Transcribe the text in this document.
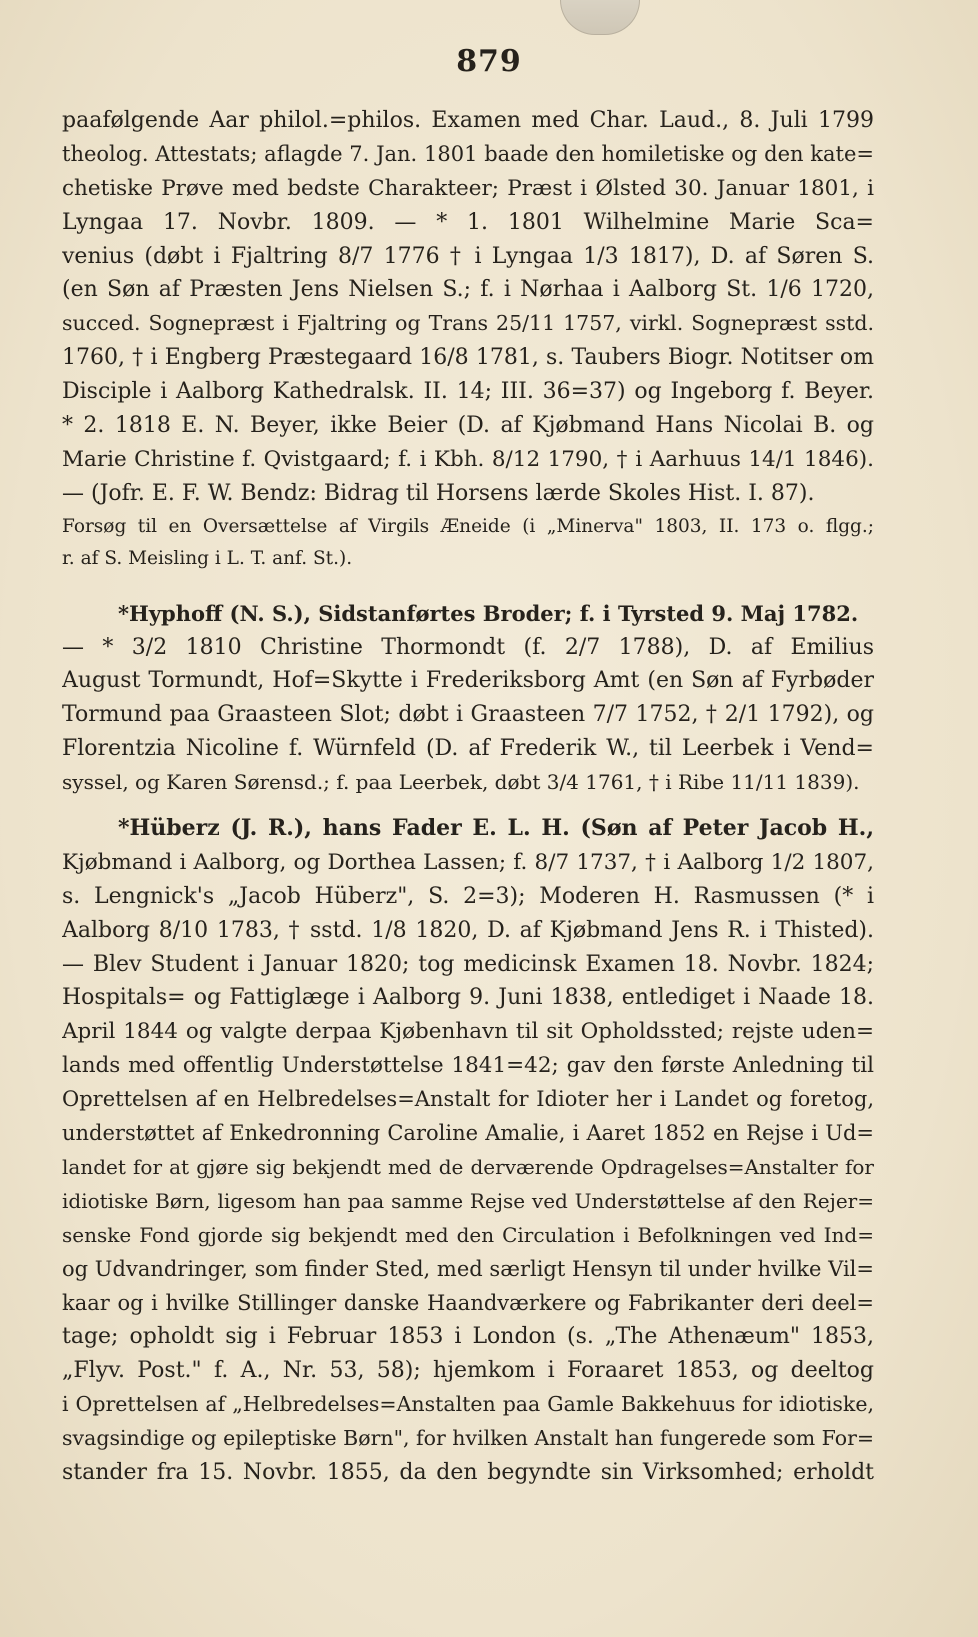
879
paafølgende Aar philol.=philos. Examen med Char. Laud., 8. Juli 1799
theolog. Attestats; aflagde 7. Jan. 1801 baade den homiletiske og den kate=
chetiske Prøve med bedste Charakteer; Præst i Ølsted 30. Januar 1801, i
Lyngaa 17. Novbr. 1809. — * 1. 1801 Wilhelmine Marie Sca=
venius (døbt i Fjaltring 8/7 1776 † i Lyngaa 1/3 1817), D. af Søren S.
(en Søn af Præsten Jens Nielsen S.; f. i Nørhaa i Aalborg St. 1/6 1720,
succed. Sognepræst i Fjaltring og Trans 25/11 1757, virkl. Sognepræst sstd.
1760, † i Engberg Præstegaard 16/8 1781, s. Taubers Biogr. Notitser om
Disciple i Aalborg Kathedralsk. II. 14; III. 36=37) og Ingeborg f. Beyer.
* 2. 1818 E. N. Beyer, ikke Beier (D. af Kjøbmand Hans Nicolai B. og
Marie Christine f. Qvistgaard; f. i Kbh. 8/12 1790, † i Aarhuus 14/1 1846).
— (Jofr. E. F. W. Bendz: Bidrag til Horsens lærde Skoles Hist. I. 87).
Forsøg til en Oversættelse af Virgils Æneide (i „Minerva" 1803, II. 173 o. flgg.;
r. af S. Meisling i L. T. anf. St.).
*Hyphoff (N. S.), Sidstanførtes Broder; f. i Tyrsted 9. Maj 1782.
— * 3/2 1810 Christine Thormondt (f. 2/7 1788), D. af Emilius
August Tormundt, Hof=Skytte i Frederiksborg Amt (en Søn af Fyrbøder
Tormund paa Graasteen Slot; døbt i Graasteen 7/7 1752, † 2/1 1792), og
Florentzia Nicoline f. Würnfeld (D. af Frederik W., til Leerbek i Vend=
syssel, og Karen Sørensd.; f. paa Leerbek, døbt 3/4 1761, † i Ribe 11/11 1839).
*Hüberz (J. R.), hans Fader E. L. H. (Søn af Peter Jacob H.,
Kjøbmand i Aalborg, og Dorthea Lassen; f. 8/7 1737, † i Aalborg 1/2 1807,
s. Lengnick's „Jacob Hüberz", S. 2=3); Moderen H. Rasmussen (* i
Aalborg 8/10 1783, † sstd. 1/8 1820, D. af Kjøbmand Jens R. i Thisted).
— Blev Student i Januar 1820; tog medicinsk Examen 18. Novbr. 1824;
Hospitals= og Fattiglæge i Aalborg 9. Juni 1838, entlediget i Naade 18.
April 1844 og valgte derpaa Kjøbenhavn til sit Opholdssted; rejste uden=
lands med offentlig Understøttelse 1841=42; gav den første Anledning til
Oprettelsen af en Helbredelses=Anstalt for Idioter her i Landet og foretog,
understøttet af Enkedronning Caroline Amalie, i Aaret 1852 en Rejse i Ud=
landet for at gjøre sig bekjendt med de derværende Opdragelses=Anstalter for
idiotiske Børn, ligesom han paa samme Rejse ved Understøttelse af den Rejer=
senske Fond gjorde sig bekjendt med den Circulation i Befolkningen ved Ind=
og Udvandringer, som finder Sted, med særligt Hensyn til under hvilke Vil=
kaar og i hvilke Stillinger danske Haandværkere og Fabrikanter deri deel=
tage; opholdt sig i Februar 1853 i London (s. „The Athenæum" 1853,
„Flyv. Post." f. A., Nr. 53, 58); hjemkom i Foraaret 1853, og deeltog
i Oprettelsen af „Helbredelses=Anstalten paa Gamle Bakkehuus for idiotiske,
svagsindige og epileptiske Børn", for hvilken Anstalt han fungerede som For=
stander fra 15. Novbr. 1855, da den begyndte sin Virksomhed; erholdt
